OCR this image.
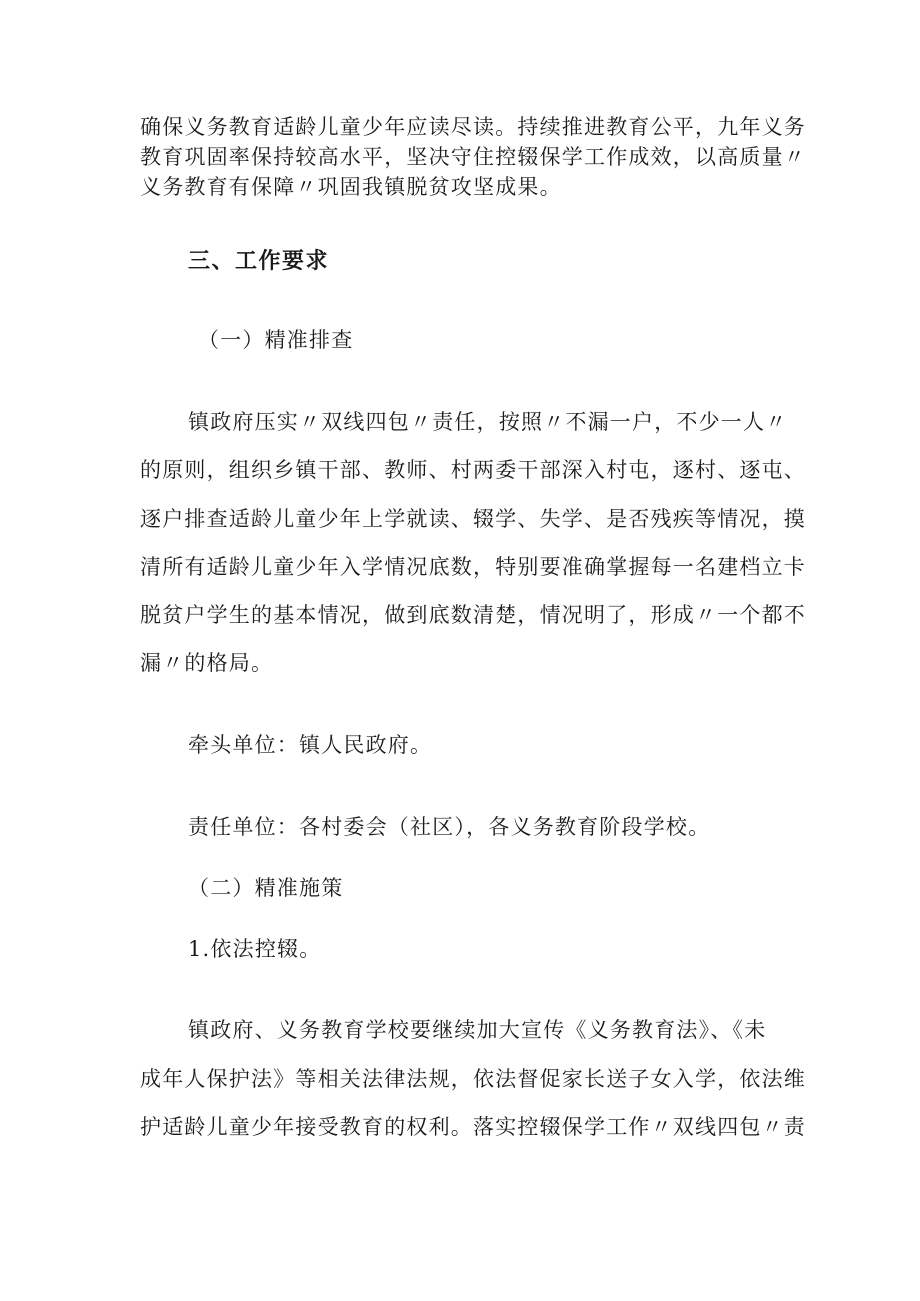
确保义务教育适龄儿童少年应读尽读。持续推进教育公平，九年义务
教育巩固率保持较高水平，坚决守住控辍保学工作成效，以高质量〃
义务教育有保障〃巩固我镇脱贫攻坚成果。
三、工作要求
（一）精准排查
镇政府压实〃双线四包〃责任，按照〃不漏一户，不少一人〃
的原则，组织乡镇干部、教师、村两委干部深入村屯，逐村、逐屯、
逐户排查适龄儿童少年上学就读、辍学、失学、是否残疾等情况，摸
清所有适龄儿童少年入学情况底数，特别要准确掌握每一名建档立卡
脱贫户学生的基本情况，做到底数清楚，情况明了，形成〃一个都不
漏〃的格局。
牵头单位：镇人民政府。
责任单位：各村委会（社区），各义务教育阶段学校。
（二）精准施策
1.依法控辍。
镇政府、义务教育学校要继续加大宣传《义务教育法》、《未
成年人保护法》等相关法律法规，依法督促家长送子女入学，依法维
护适龄儿童少年接受教育的权利。落实控辍保学工作〃双线四包〃责
